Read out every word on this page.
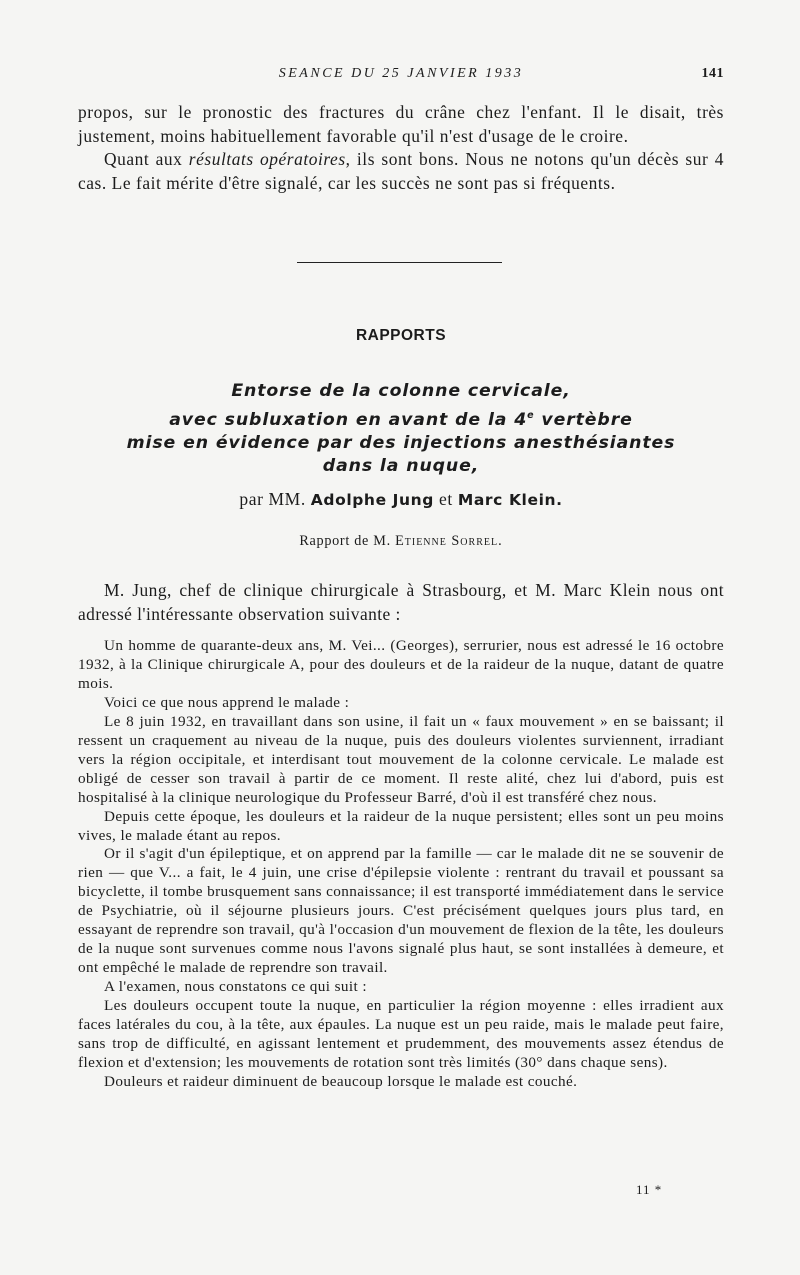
SEANCE DU 25 JANVIER 1933	141

propos, sur le pronostic des fractures du crâne chez l'enfant. Il le disait, très justement, moins habituellement favorable qu'il n'est d'usage de le croire.

Quant aux résultats opératoires, ils sont bons. Nous ne notons qu'un décès sur 4 cas. Le fait mérite d'être signalé, car les succès ne sont pas si fréquents.

RAPPORTS
Entorse de la colonne cervicale,
avec subluxation en avant de la 4e vertèbre
mise en évidence par des injections anesthésiantes
dans la nuque,
par MM. Adolphe Jung et Marc Klein.
Rapport de M. Etienne Sorrel.

M. Jung, chef de clinique chirurgicale à Strasbourg, et M. Marc Klein nous ont adressé l'intéressante observation suivante :

Un homme de quarante-deux ans, M. Vei... (Georges), serrurier, nous est adressé le 16 octobre 1932, à la Clinique chirurgicale A, pour des douleurs et de la raideur de la nuque, datant de quatre mois.

Voici ce que nous apprend le malade :

Le 8 juin 1932, en travaillant dans son usine, il fait un « faux mouvement » en se baissant; il ressent un craquement au niveau de la nuque, puis des douleurs violentes surviennent, irradiant vers la région occipitale, et interdisant tout mouvement de la colonne cervicale. Le malade est obligé de cesser son travail à partir de ce moment. Il reste alité, chez lui d'abord, puis est hospitalisé à la clinique neurologique du Professeur Barré, d'où il est transféré chez nous.

Depuis cette époque, les douleurs et la raideur de la nuque persistent; elles sont un peu moins vives, le malade étant au repos.

Or il s'agit d'un épileptique, et on apprend par la famille — car le malade dit ne se souvenir de rien — que V... a fait, le 4 juin, une crise d'épilepsie violente : rentrant du travail et poussant sa bicyclette, il tombe brusquement sans connaissance; il est transporté immédiatement dans le service de Psychiatrie, où il séjourne plusieurs jours. C'est précisément quelques jours plus tard, en essayant de reprendre son travail, qu'à l'occasion d'un mouvement de flexion de la tête, les douleurs de la nuque sont survenues comme nous l'avons signalé plus haut, se sont installées à demeure, et ont empêché le malade de reprendre son travail.

A l'examen, nous constatons ce qui suit :

Les douleurs occupent toute la nuque, en particulier la région moyenne : elles irradient aux faces latérales du cou, à la tête, aux épaules. La nuque est un peu raide, mais le malade peut faire, sans trop de difficulté, en agissant lentement et prudemment, des mouvements assez étendus de flexion et d'extension; les mouvements de rotation sont très limités (30° dans chaque sens).

Douleurs et raideur diminuent de beaucoup lorsque le malade est couché.

11 *
